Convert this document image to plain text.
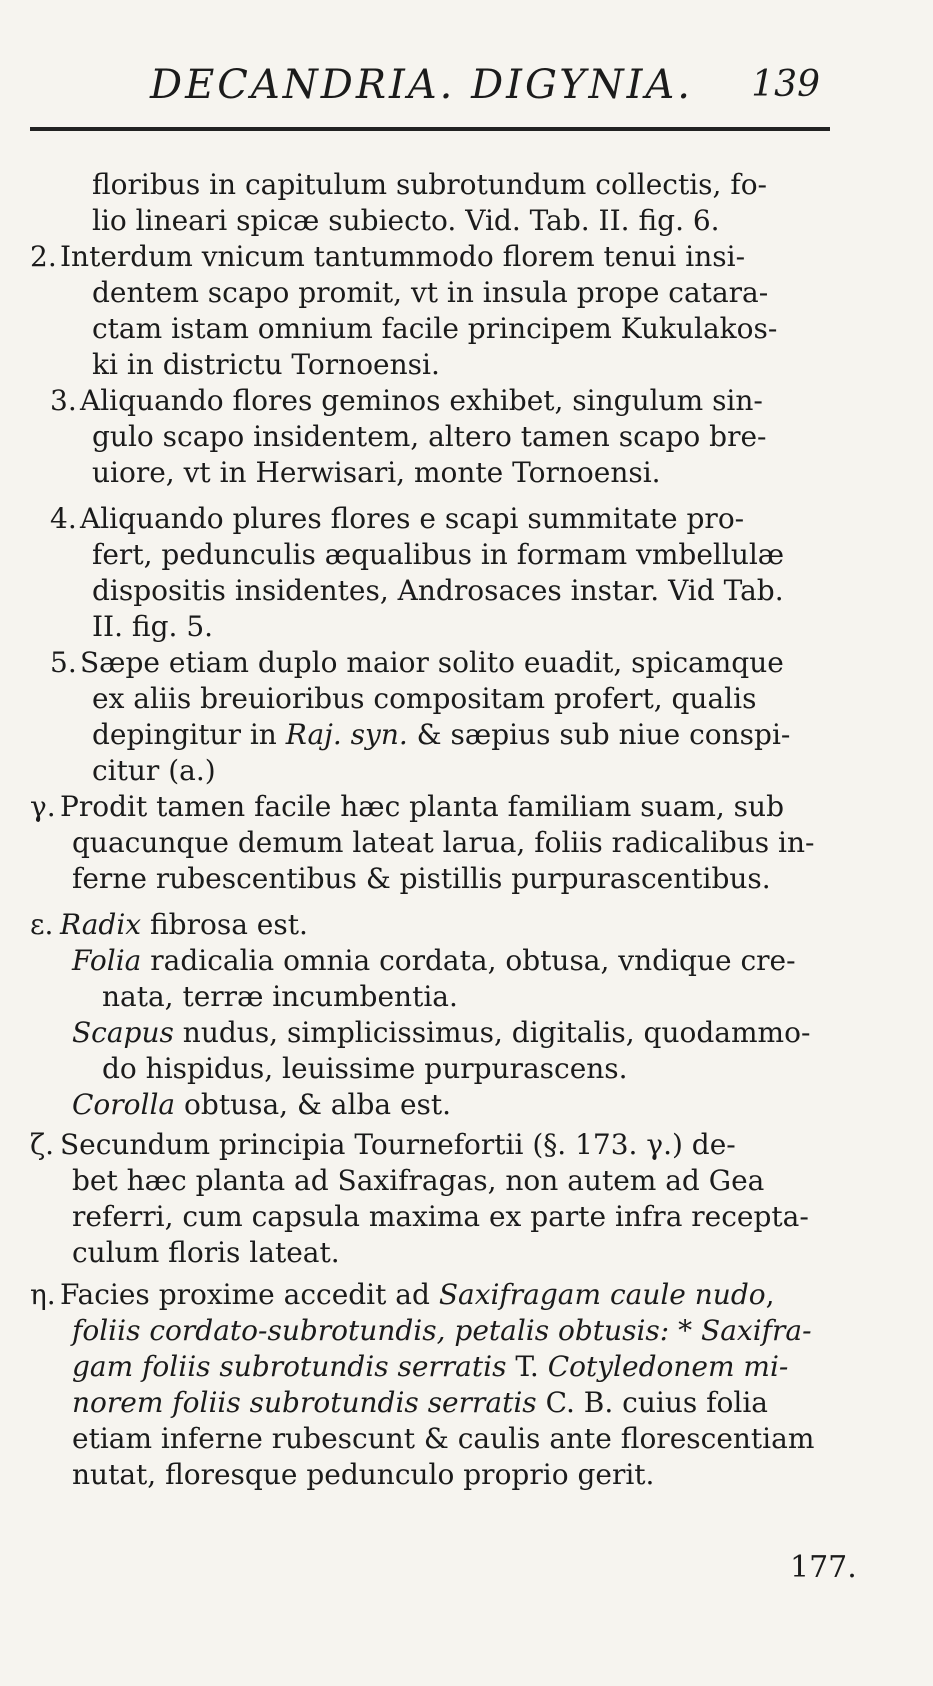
DECANDRIA. DIGYNIA. 139
floribus in capitulum subrotundum collectis, fo-
lio lineari spicæ subiecto. Vid. Tab. II. fig. 6.
2. Interdum vnicum tantummodo florem tenui insi-
dentem scapo promit, vt in insula prope catara-
ctam istam omnium facile principem Kukulakos-
ki in districtu Tornoensi.
3. Aliquando flores geminos exhibet, singulum sin-
gulo scapo insidentem, altero tamen scapo bre-
uiore, vt in Herwisari, monte Tornoensi.
4. Aliquando plures flores e scapi summitate pro-
fert, pedunculis æqualibus in formam vmbellulæ
dispositis insidentes, Androsaces instar. Vid Tab.
II. fig. 5.
5. Sæpe etiam duplo maior solito euadit, spicamque
ex aliis breuioribus compositam profert, qualis
depingitur in Raj. syn. & sæpius sub niue conspi-
citur (a.)
γ. Prodit tamen facile hæc planta familiam suam, sub
quacunque demum lateat larua, foliis radicalibus in-
ferne rubescentibus & pistillis purpurascentibus.
ε. Radix fibrosa est.
Folia radicalia omnia cordata, obtusa, vndique cre-
nata, terræ incumbentia.
Scapus nudus, simplicissimus, digitalis, quodammo-
do hispidus, leuissime purpurascens.
Corolla obtusa, & alba est.
ζ. Secundum principia Tournefortii (§. 173. γ.) de-
bet hæc planta ad Saxifragas, non autem ad Gea
referri, cum capsula maxima ex parte infra recepta-
culum floris lateat.
η. Facies proxime accedit ad Saxifragam caule nudo,
foliis cordato-subrotundis, petalis obtusis: * Saxifra-
gam foliis subrotundis serratis T. Cotyledonem mi-
norem foliis subrotundis serratis C. B. cuius folia
etiam inferne rubescunt & caulis ante florescentiam
nutat, floresque pedunculo proprio gerit.
177.
